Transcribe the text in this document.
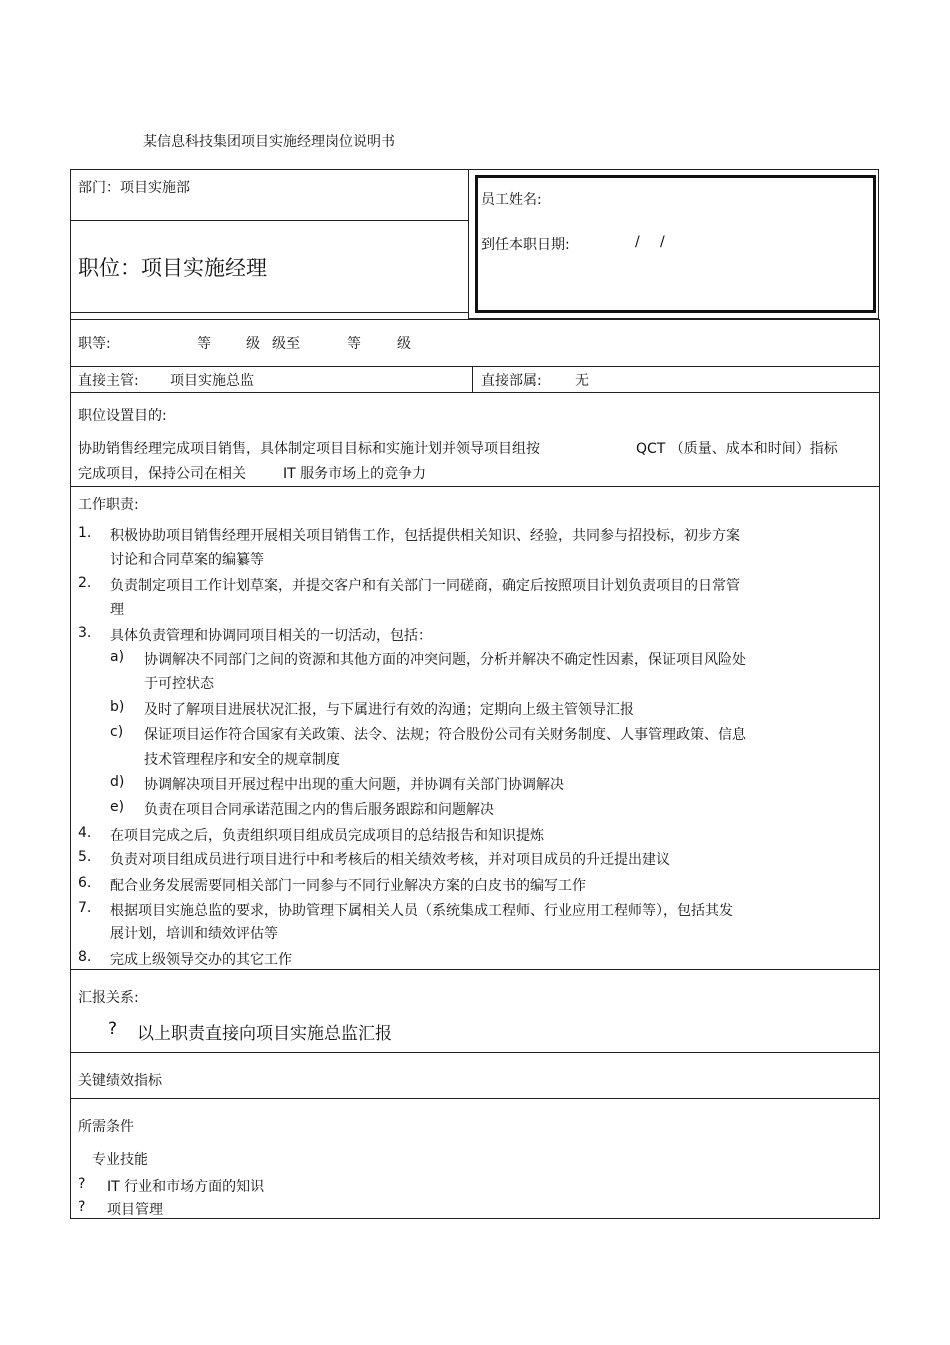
某信息科技集团项目实施经理岗位说明书
部门：项目实施部
职位：项目实施经理
员工姓名:
到任本职日期:	/ /
职等:	等	级 级至	等	级
直接主管: 项目实施总监	直接部属: 无
职位设置目的:
协助销售经理完成项目销售，具体制定项目目标和实施计划并领导项目组按	QCT （质量、成本和时间）指标
完成项目，保持公司在相关	IT 服务市场上的竞争力
工作职责:
1. 积极协助项目销售经理开展相关项目销售工作，包括提供相关知识、经验，共同参与招投标，初步方案
讨论和合同草案的编纂等
2. 负责制定项目工作计划草案，并提交客户和有关部门一同磋商，确定后按照项目计划负责项目的日常管
理
3. 具体负责管理和协调同项目相关的一切活动，包括：
a) 协调解决不同部门之间的资源和其他方面的冲突问题，分析并解决不确定性因素，保证项目风险处
于可控状态
b) 及时了解项目进展状况汇报，与下属进行有效的沟通；定期向上级主管领导汇报
c) 保证项目运作符合国家有关政策、法令、法规；符合股份公司有关财务制度、人事管理政策、信息
技术管理程序和安全的规章制度
d) 协调解决项目开展过程中出现的重大问题，并协调有关部门协调解决
e) 负责在项目合同承诺范围之内的售后服务跟踪和问题解决
4. 在项目完成之后，负责组织项目组成员完成项目的总结报告和知识提炼
5. 负责对项目组成员进行项目进行中和考核后的相关绩效考核，并对项目成员的升迁提出建议
6. 配合业务发展需要同相关部门一同参与不同行业解决方案的白皮书的编写工作
7. 根据项目实施总监的要求，协助管理下属相关人员（系统集成工程师、行业应用工程师等），包括其发
展计划，培训和绩效评估等
8. 完成上级领导交办的其它工作
汇报关系:
? 以上职责直接向项目实施总监汇报
关键绩效指标
所需条件
专业技能
? IT 行业和市场方面的知识
? 项目管理
